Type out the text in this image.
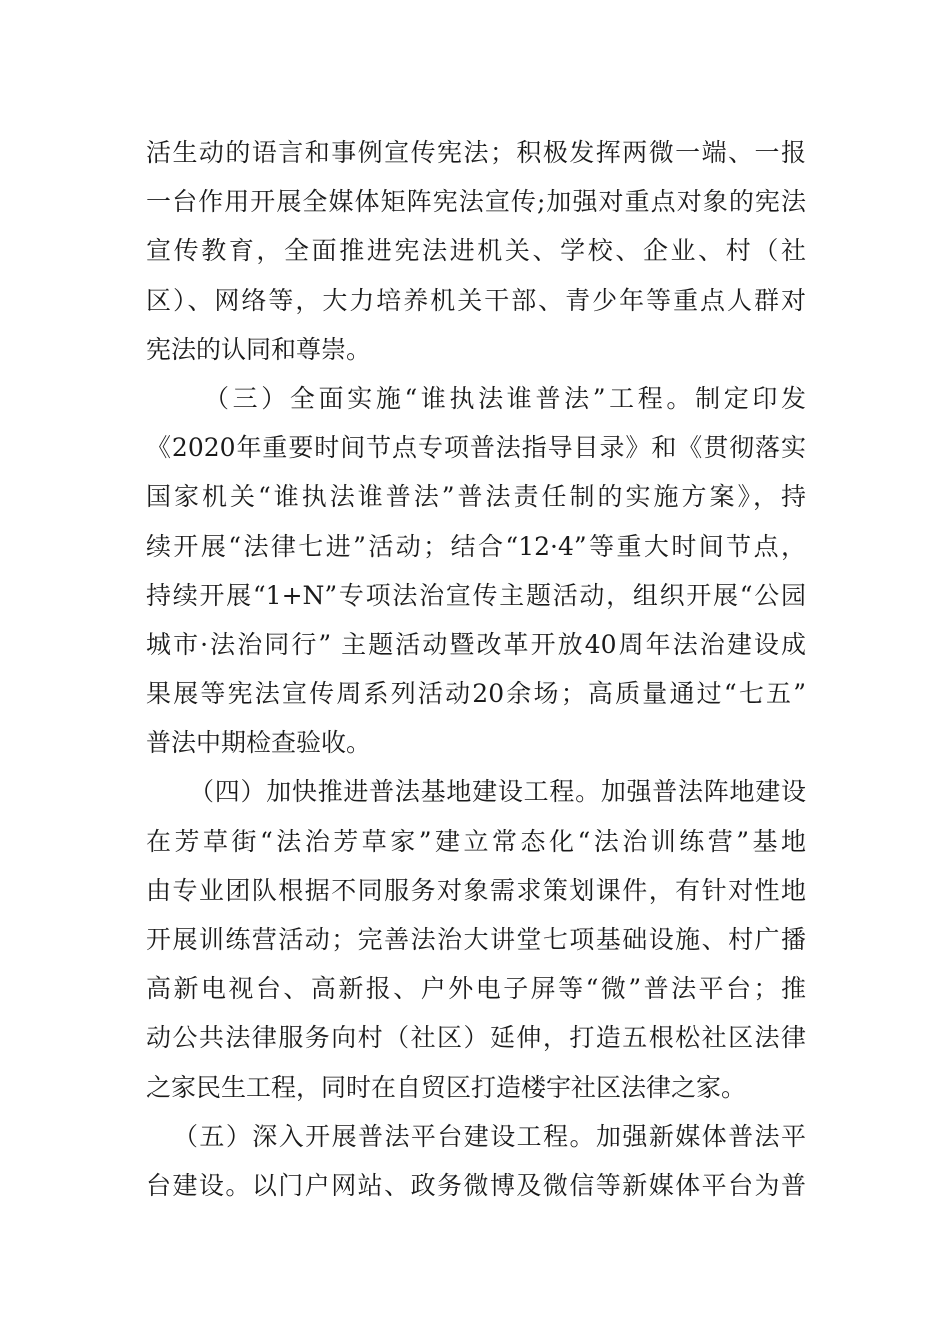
活生动的语言和事例宣传宪法；积极发挥两微一端、一报
一台作用开展全媒体矩阵宪法宣传;加强对重点对象的宪法
宣传教育，全面推进宪法进机关、学校、企业、村（社
区）、网络等，大力培养机关干部、青少年等重点人群对
宪法的认同和尊崇。
（三）全面实施“谁执法谁普法”工程。制定印发
《2020年重要时间节点专项普法指导目录》和《贯彻落实
国家机关“谁执法谁普法”普法责任制的实施方案》，持
续开展“法律七进”活动；结合“12·4”等重大时间节点，
持续开展“1+N”专项法治宣传主题活动，组织开展“公园
城市·法治同行” 主题活动暨改革开放40周年法治建设成
果展等宪法宣传周系列活动20余场；高质量通过“七五”
普法中期检查验收。
（四）加快推进普法基地建设工程。加强普法阵地建设
在芳草街“法治芳草家”建立常态化“法治训练营”基地
由专业团队根据不同服务对象需求策划课件，有针对性地
开展训练营活动；完善法治大讲堂七项基础设施、村广播
高新电视台、高新报、户外电子屏等“微”普法平台；推
动公共法律服务向村（社区）延伸，打造五根松社区法律
之家民生工程，同时在自贸区打造楼宇社区法律之家。
（五）深入开展普法平台建设工程。加强新媒体普法平
台建设。以门户网站、政务微博及微信等新媒体平台为普
